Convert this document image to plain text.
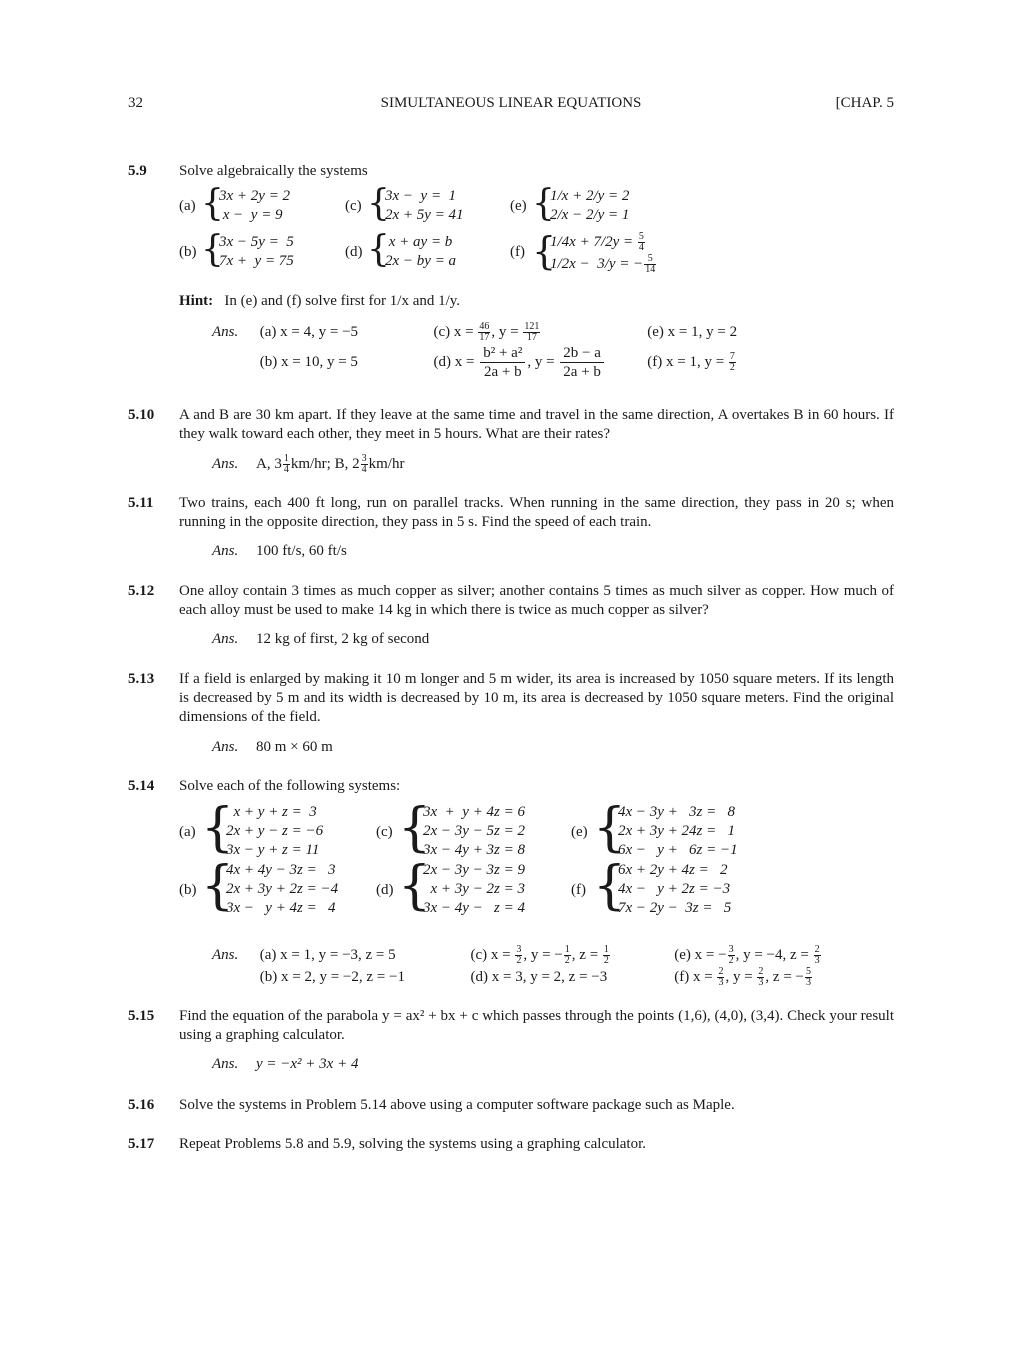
32	SIMULTANEOUS LINEAR EQUATIONS	[CHAP. 5
5.9 Solve algebraically the systems
(a) {
3x + 2y = 2
x −  y = 9
(c) {
3x −  y =  1
2x + 5y = 41
(e) {
1/x + 2/y = 2
2/x − 2/y = 1
(b) {
3x − 5y =  5
7x +  y = 75
(d) {
x + ay = b
2x − by = a
(f) {
$1/4x + 7/2y = \frac{5}{4}$
1/2x −  3/y = − $\frac{5}{14}$
Hint: In (e) and (f) solve first for 1/x and 1/y.
Ans. (a) x = 4, y = −5	(c) $x = \frac{46}{17}$ , $y = \frac{121}{17}$	(e) x = 1, y = 2
(b) x = 10, y = 5	(d) $x = \frac{\text{b² + a²}}{2a + b}$ , $y = \frac{2b - a}{2a + b}$	(f) x = 1, $y = \frac{7}{2}$
5.10 A and B are 30 km apart. If they leave at the same time and travel in the same direction, A overtakes B in 60 hours. If they walk toward each other, they meet in 5 hours. What are their rates?
Ans. A, $3 \frac{1}{4} km/hr$; B, $2 \frac{3}{4} km/hr$
5.11 Two trains, each 400 ft long, run on parallel tracks. When running in the same direction, they pass in 20 s; when running in the opposite direction, they pass in 5 s. Find the speed of each train.
Ans. 100 ft/s, 60 ft/s
5.12 One alloy contain 3 times as much copper as silver; another contains 5 times as much silver as copper. How much of each alloy must be used to make 14 kg in which there is twice as much copper as silver?
Ans. 12 kg of first, 2 kg of second
5.13 If a field is enlarged by making it 10 m longer and 5 m wider, its area is increased by 1050 square meters. If its length is decreased by 5 m and its width is decreased by 10 m, its area is decreased by 1050 square meters. Find the original dimensions of the field.
Ans. 80 m × 60 m
5.14 Solve each of the following systems:
(a) {
x + y + z =  3
2x + y − z = −6
3x − y + z = 11
(c) {
3x  +  y + 4z = 6
2x − 3y − 5z = 2
3x − 4y + 3z = 8
(e) {
4x − 3y +   3z =   8
2x + 3y + 24z =   1
6x −   y +   6z = −1
(b) {
4x + 4y − 3z =   3
2x + 3y + 2z = −4
3x −   y + 4z =   4
(d) {
2x − 3y − 3z = 9
x + 3y − 2z = 3
3x − 4y −   z = 4
(f) {
6x + 2y + 4z =   2
4x −   y + 2z = −3
7x − 2y −  3z =   5
Ans. (a) x = 1, y = −3, z = 5	(c) $x = \frac{3}{2}$ , y = − $\frac{1}{2}$ , $z = \frac{1}{2}$	(e) x = − $\frac{3}{2}$ , y = −4, $z = \frac{2}{3}$
(b) x = 2, y = −2, z = −1	(d) x = 3, y = 2, z = −3	(f) $x = \frac{2}{3}$ , $y = \frac{2}{3}$ , z = − $\frac{5}{3}$
5.15 Find the equation of the parabola y = ax² + bx + c which passes through the points (1,6), (4,0), (3,4). Check your result using a graphing calculator.
Ans. y = −x² + 3x + 4
5.16 Solve the systems in Problem 5.14 above using a computer software package such as Maple.
5.17 Repeat Problems 5.8 and 5.9, solving the systems using a graphing calculator.
